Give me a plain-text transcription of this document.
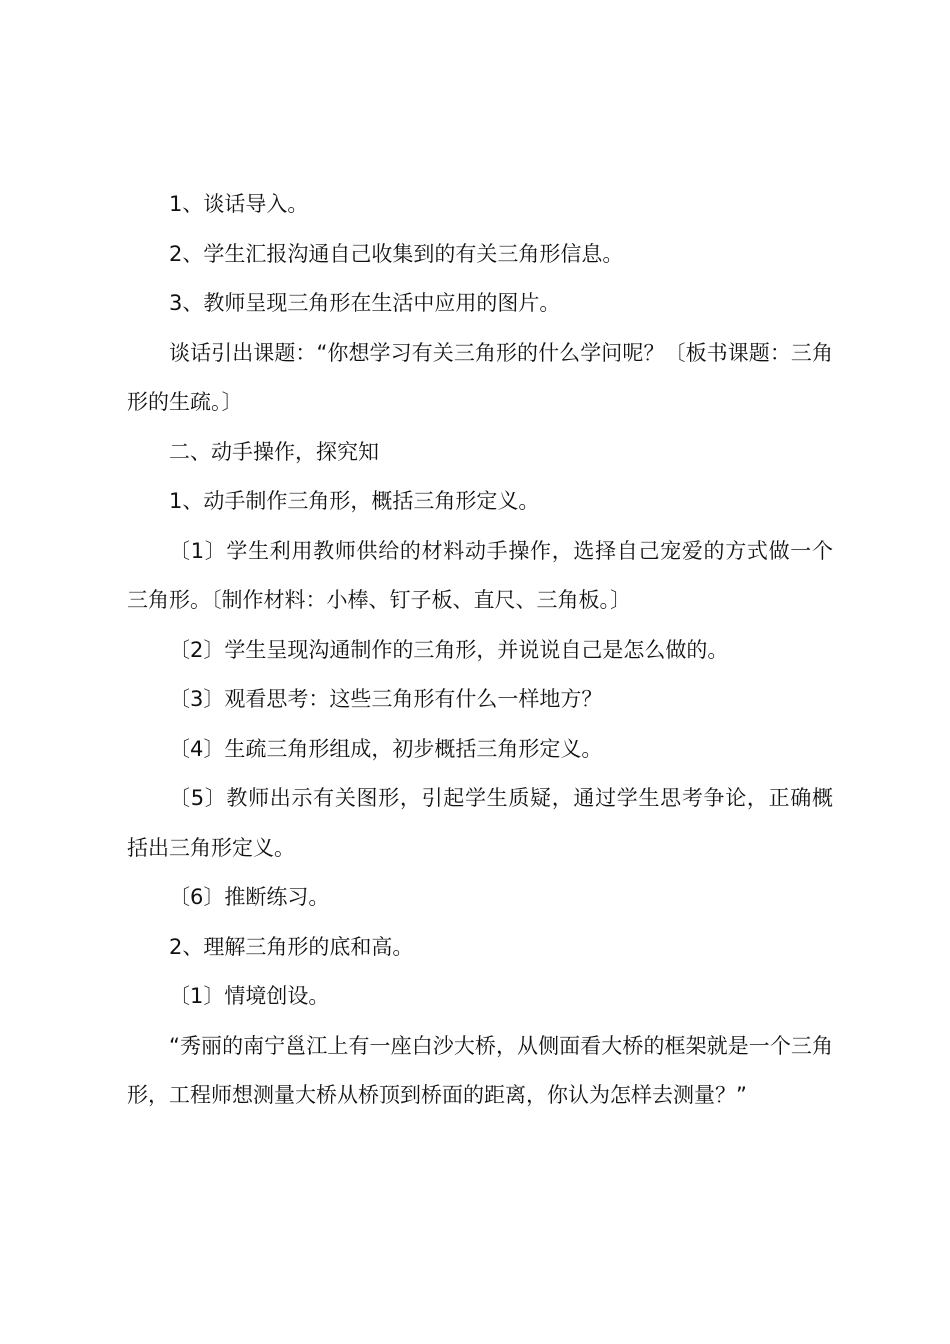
1、谈话导入。

2、学生汇报沟通自己收集到的有关三角形信息。

3、教师呈现三角形在生活中应用的图片。

谈话引出课题：“你想学习有关三角形的什么学问呢？〔板书课题：三角形的生疏。〕

二、动手操作，探究知

1、动手制作三角形，概括三角形定义。

〔1〕学生利用教师供给的材料动手操作，选择自己宠爱的方式做一个三角形。〔制作材料：小棒、钉子板、直尺、三角板。〕

〔2〕学生呈现沟通制作的三角形，并说说自己是怎么做的。

〔3〕观看思考：这些三角形有什么一样地方？

〔4〕生疏三角形组成，初步概括三角形定义。

〔5〕教师出示有关图形，引起学生质疑，通过学生思考争论，正确概括出三角形定义。

〔6〕推断练习。

2、理解三角形的底和高。

〔1〕情境创设。

“秀丽的南宁邕江上有一座白沙大桥，从侧面看大桥的框架就是一个三角形，工程师想测量大桥从桥顶到桥面的距离，你认为怎样去测量？”
